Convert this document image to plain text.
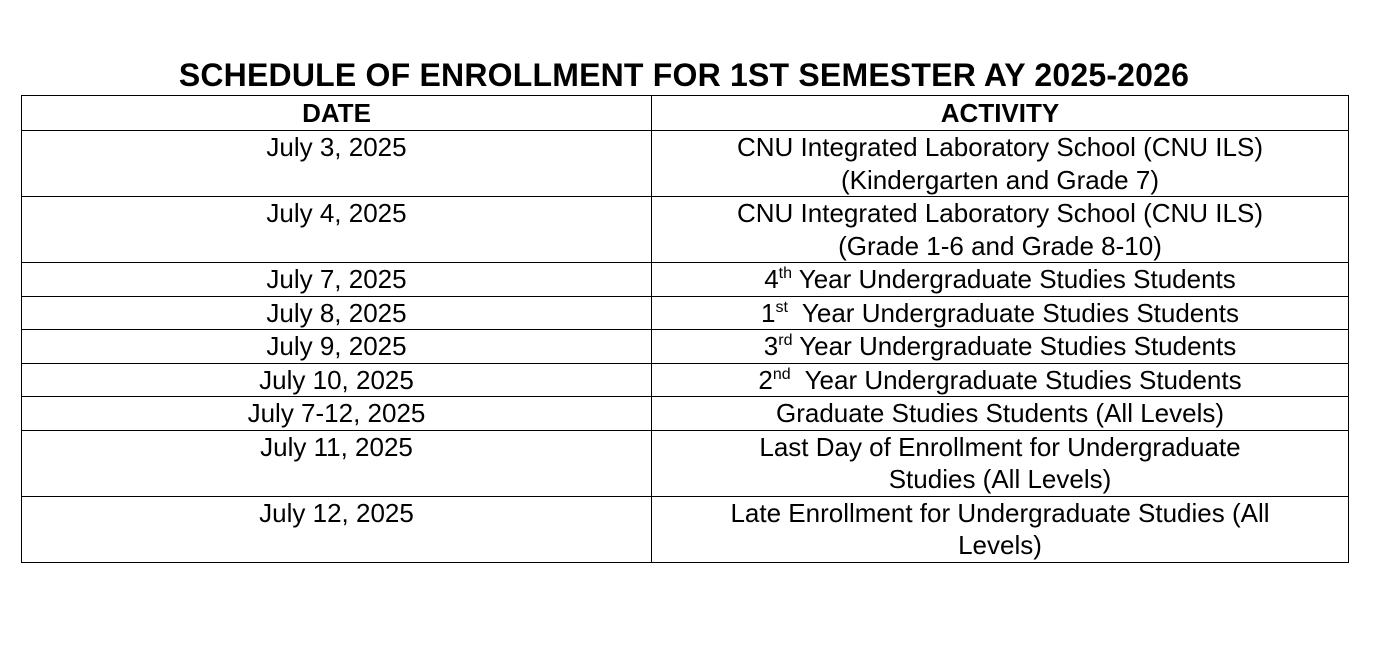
SCHEDULE OF ENROLLMENT FOR 1ST SEMESTER AY 2025-2026
DATE	ACTIVITY
July 3, 2025	CNU Integrated Laboratory School (CNU ILS)
(Kindergarten and Grade 7)
July 4, 2025	CNU Integrated Laboratory School (CNU ILS)
(Grade 1-6 and Grade 8-10)
July 7, 2025	4th Year Undergraduate Studies Students
July 8, 2025	1st  Year Undergraduate Studies Students
July 9, 2025	3rd Year Undergraduate Studies Students
July 10, 2025	2nd  Year Undergraduate Studies Students
July 7-12, 2025	Graduate Studies Students (All Levels)
July 11, 2025	Last Day of Enrollment for Undergraduate
Studies (All Levels)
July 12, 2025	Late Enrollment for Undergraduate Studies (All
Levels)
